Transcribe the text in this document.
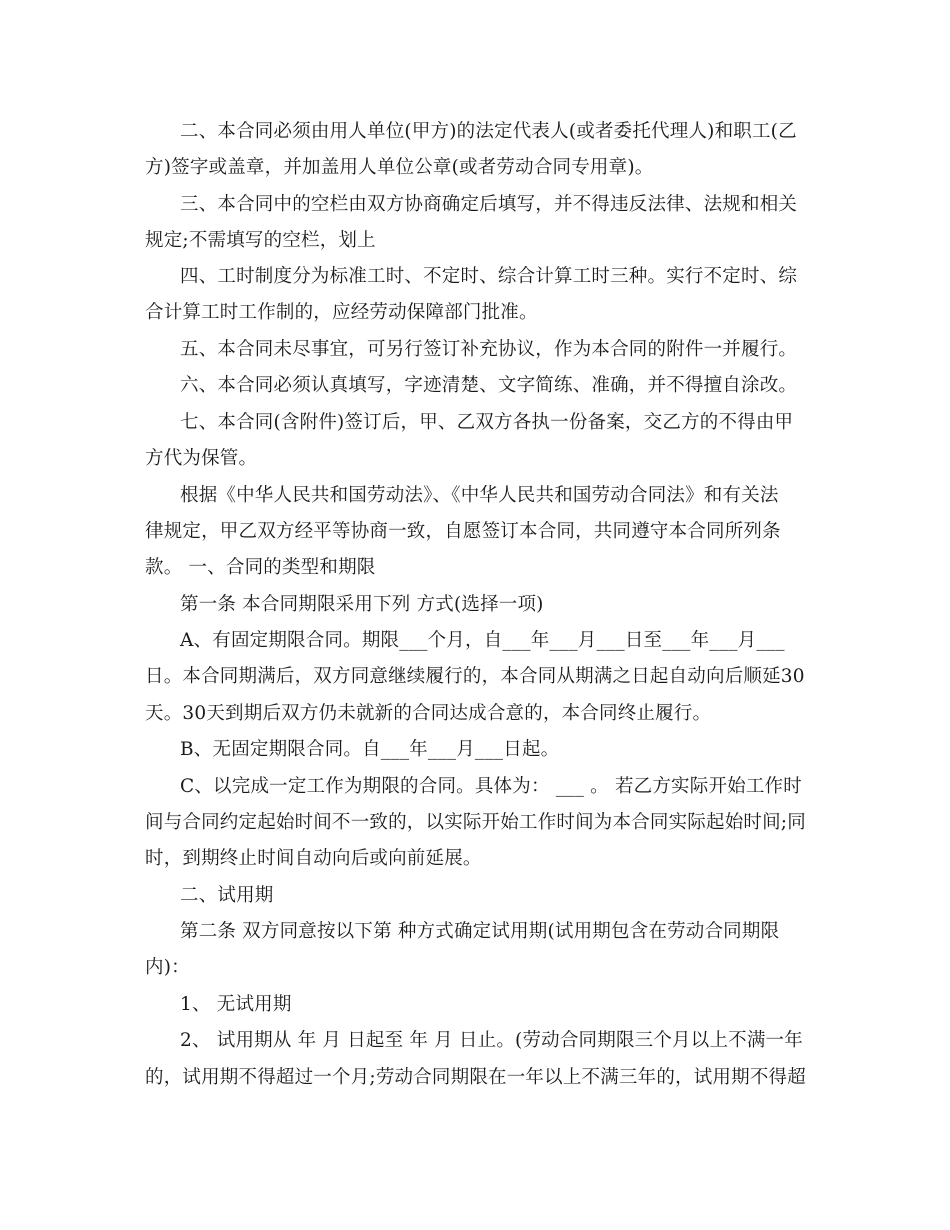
二、本合同必须由用人单位(甲方)的法定代表人(或者委托代理人)和职工(乙
方)签字或盖章，并加盖用人单位公章(或者劳动合同专用章)。
三、本合同中的空栏由双方协商确定后填写，并不得违反法律、法规和相关
规定;不需填写的空栏，划上
四、工时制度分为标准工时、不定时、综合计算工时三种。实行不定时、综
合计算工时工作制的，应经劳动保障部门批准。
五、本合同未尽事宜，可另行签订补充协议，作为本合同的附件一并履行。
六、本合同必须认真填写，字迹清楚、文字简练、准确，并不得擅自涂改。
七、本合同(含附件)签订后，甲、乙双方各执一份备案，交乙方的不得由甲
方代为保管。
根据《中华人民共和国劳动法》、《中华人民共和国劳动合同法》和有关法
律规定，甲乙双方经平等协商一致，自愿签订本合同，共同遵守本合同所列条
款。 一、合同的类型和期限
第一条 本合同期限采用下列 方式(选择一项)
A、有固定期限合同。期限___个月，自___年___月___日至___年___月___
日。本合同期满后，双方同意继续履行的，本合同从期满之日起自动向后顺延30
天。30天到期后双方仍未就新的合同达成合意的，本合同终止履行。
B、无固定期限合同。自___年___月___日起。
C、以完成一定工作为期限的合同。具体为： ___ 。 若乙方实际开始工作时
间与合同约定起始时间不一致的，以实际开始工作时间为本合同实际起始时间;同
时，到期终止时间自动向后或向前延展。
二、试用期
第二条 双方同意按以下第 种方式确定试用期(试用期包含在劳动合同期限
内)：
1、 无试用期
2、 试用期从 年 月 日起至 年 月 日止。(劳动合同期限三个月以上不满一年
的，试用期不得超过一个月;劳动合同期限在一年以上不满三年的，试用期不得超
